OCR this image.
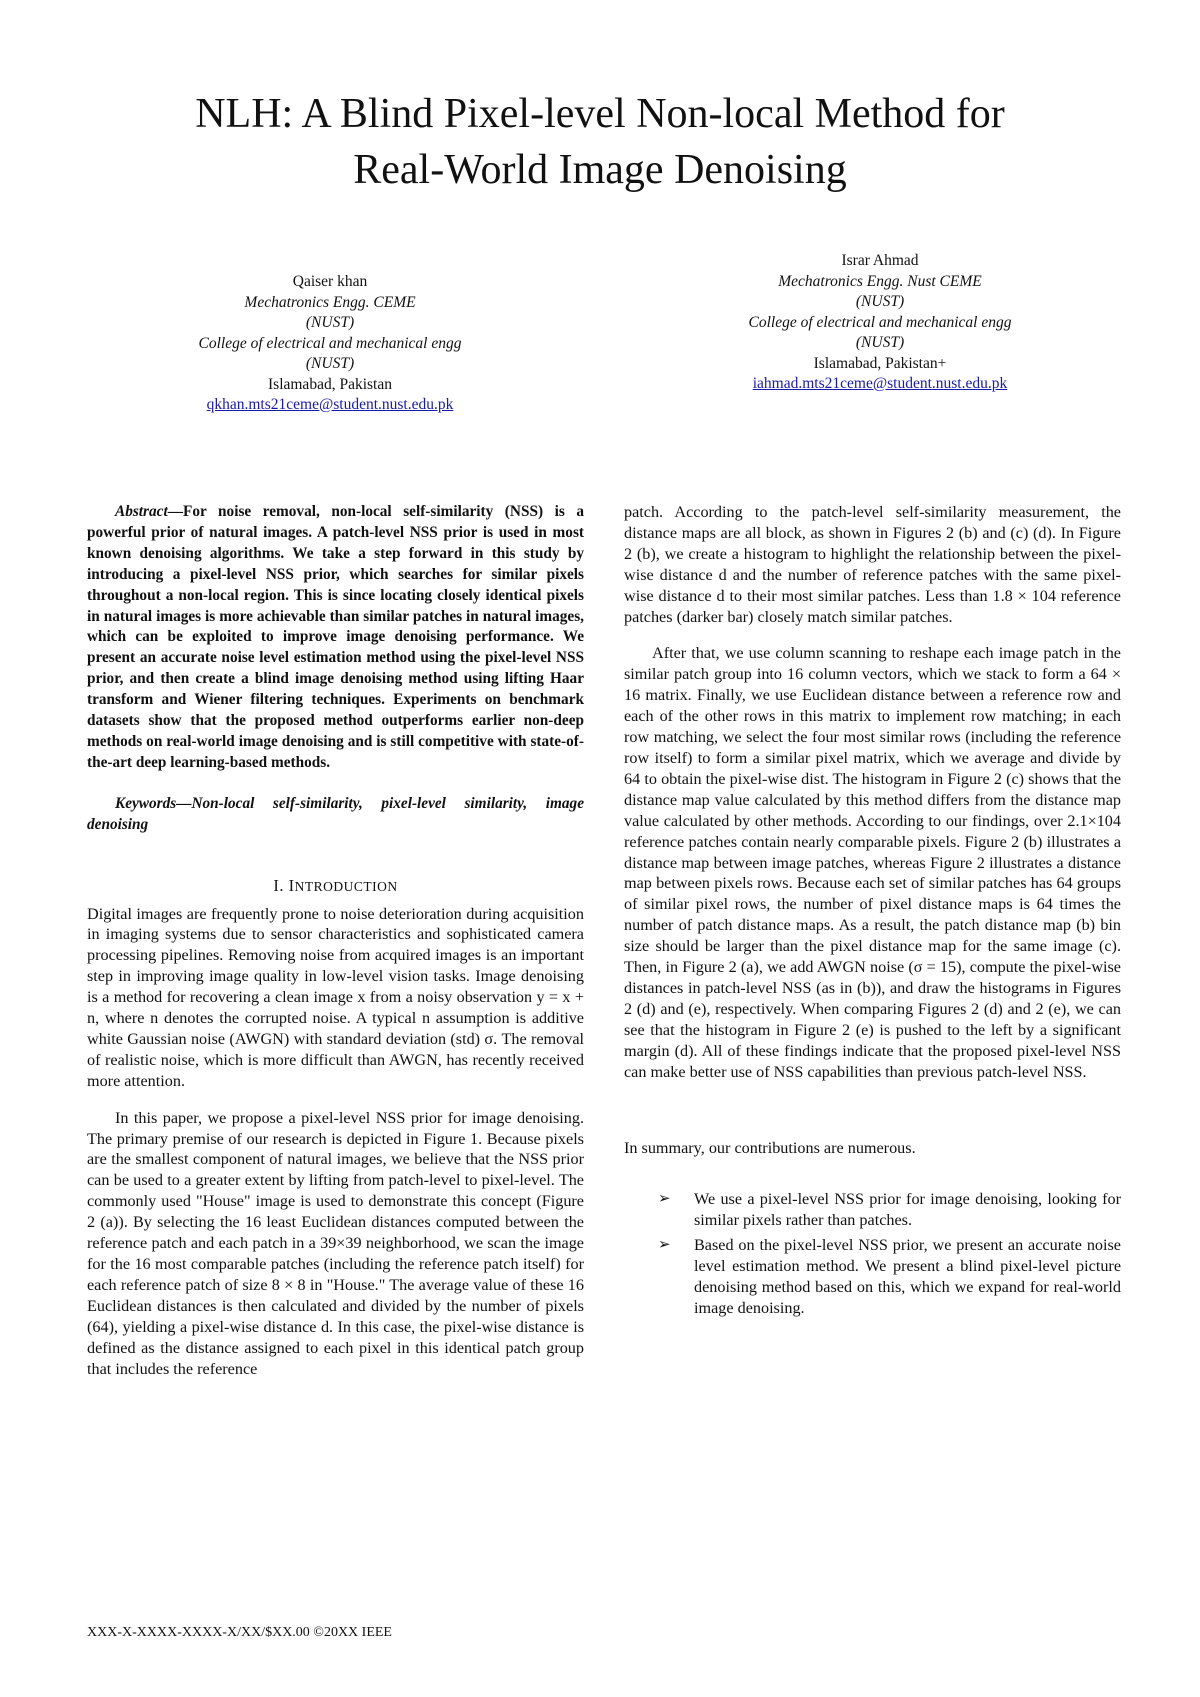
NLH: A Blind Pixel-level Non-local Method for
Real-World Image Denoising
Qaiser khan
Mechatronics Engg. CEME
(NUST)
College of electrical and mechanical engg
(NUST)
Islamabad, Pakistan
qkhan.mts21ceme@student.nust.edu.pk
Israr Ahmad
Mechatronics Engg. Nust CEME
(NUST)
College of electrical and mechanical engg
(NUST)
Islamabad, Pakistan+
iahmad.mts21ceme@student.nust.edu.pk

Abstract—For noise removal, non-local self-similarity (NSS) is a powerful prior of natural images. A patch-level NSS prior is used in most known denoising algorithms. We take a step forward in this study by introducing a pixel-level NSS prior, which searches for similar pixels throughout a non-local region. This is since locating closely identical pixels in natural images is more achievable than similar patches in natural images, which can be exploited to improve image denoising performance. We present an accurate noise level estimation method using the pixel-level NSS prior, and then create a blind image denoising method using lifting Haar transform and Wiener filtering techniques. Experiments on benchmark datasets show that the proposed method outperforms earlier non-deep methods on real-world image denoising and is still competitive with state-of-the-art deep learning-based methods.

Keywords—Non-local self-similarity, pixel-level similarity, image denoising

I. INTRODUCTION

Digital images are frequently prone to noise deterioration during acquisition in imaging systems due to sensor characteristics and sophisticated camera processing pipelines. Removing noise from acquired images is an important step in improving image quality in low-level vision tasks. Image denoising is a method for recovering a clean image x from a noisy observation y = x + n, where n denotes the corrupted noise. A typical n assumption is additive white Gaussian noise (AWGN) with standard deviation (std) σ. The removal of realistic noise, which is more difficult than AWGN, has recently received more attention.

In this paper, we propose a pixel-level NSS prior for image denoising. The primary premise of our research is depicted in Figure 1. Because pixels are the smallest component of natural images, we believe that the NSS prior can be used to a greater extent by lifting from patch-level to pixel-level. The commonly used "House" image is used to demonstrate this concept (Figure 2 (a)). By selecting the 16 least Euclidean distances computed between the reference patch and each patch in a 39×39 neighborhood, we scan the image for the 16 most comparable patches (including the reference patch itself) for each reference patch of size 8 × 8 in "House." The average value of these 16 Euclidean distances is then calculated and divided by the number of pixels (64), yielding a pixel-wise distance d. In this case, the pixel-wise distance is defined as the distance assigned to each pixel in this identical patch group that includes the reference

patch. According to the patch-level self-similarity measurement, the distance maps are all block, as shown in Figures 2 (b) and (c) (d). In Figure 2 (b), we create a histogram to highlight the relationship between the pixel-wise distance d and the number of reference patches with the same pixel-wise distance d to their most similar patches. Less than 1.8 × 104 reference patches (darker bar) closely match similar patches.

After that, we use column scanning to reshape each image patch in the similar patch group into 16 column vectors, which we stack to form a 64 × 16 matrix. Finally, we use Euclidean distance between a reference row and each of the other rows in this matrix to implement row matching; in each row matching, we select the four most similar rows (including the reference row itself) to form a similar pixel matrix, which we average and divide by 64 to obtain the pixel-wise dist. The histogram in Figure 2 (c) shows that the distance map value calculated by this method differs from the distance map value calculated by other methods. According to our findings, over 2.1×104 reference patches contain nearly comparable pixels. Figure 2 (b) illustrates a distance map between image patches, whereas Figure 2 illustrates a distance map between pixels rows. Because each set of similar patches has 64 groups of similar pixel rows, the number of pixel distance maps is 64 times the number of patch distance maps. As a result, the patch distance map (b) bin size should be larger than the pixel distance map for the same image (c). Then, in Figure 2 (a), we add AWGN noise (σ = 15), compute the pixel-wise distances in patch-level NSS (as in (b)), and draw the histograms in Figures 2 (d) and (e), respectively. When comparing Figures 2 (d) and 2 (e), we can see that the histogram in Figure 2 (e) is pushed to the left by a significant margin (d). All of these findings indicate that the proposed pixel-level NSS can make better use of NSS capabilities than previous patch-level NSS.

In summary, our contributions are numerous.

➢ We use a pixel-level NSS prior for image denoising, looking for similar pixels rather than patches.
➢ Based on the pixel-level NSS prior, we present an accurate noise level estimation method. We present a blind pixel-level picture denoising method based on this, which we expand for real-world image denoising.
XXX-X-XXXX-XXXX-X/XX/$XX.00 ©20XX IEEE
